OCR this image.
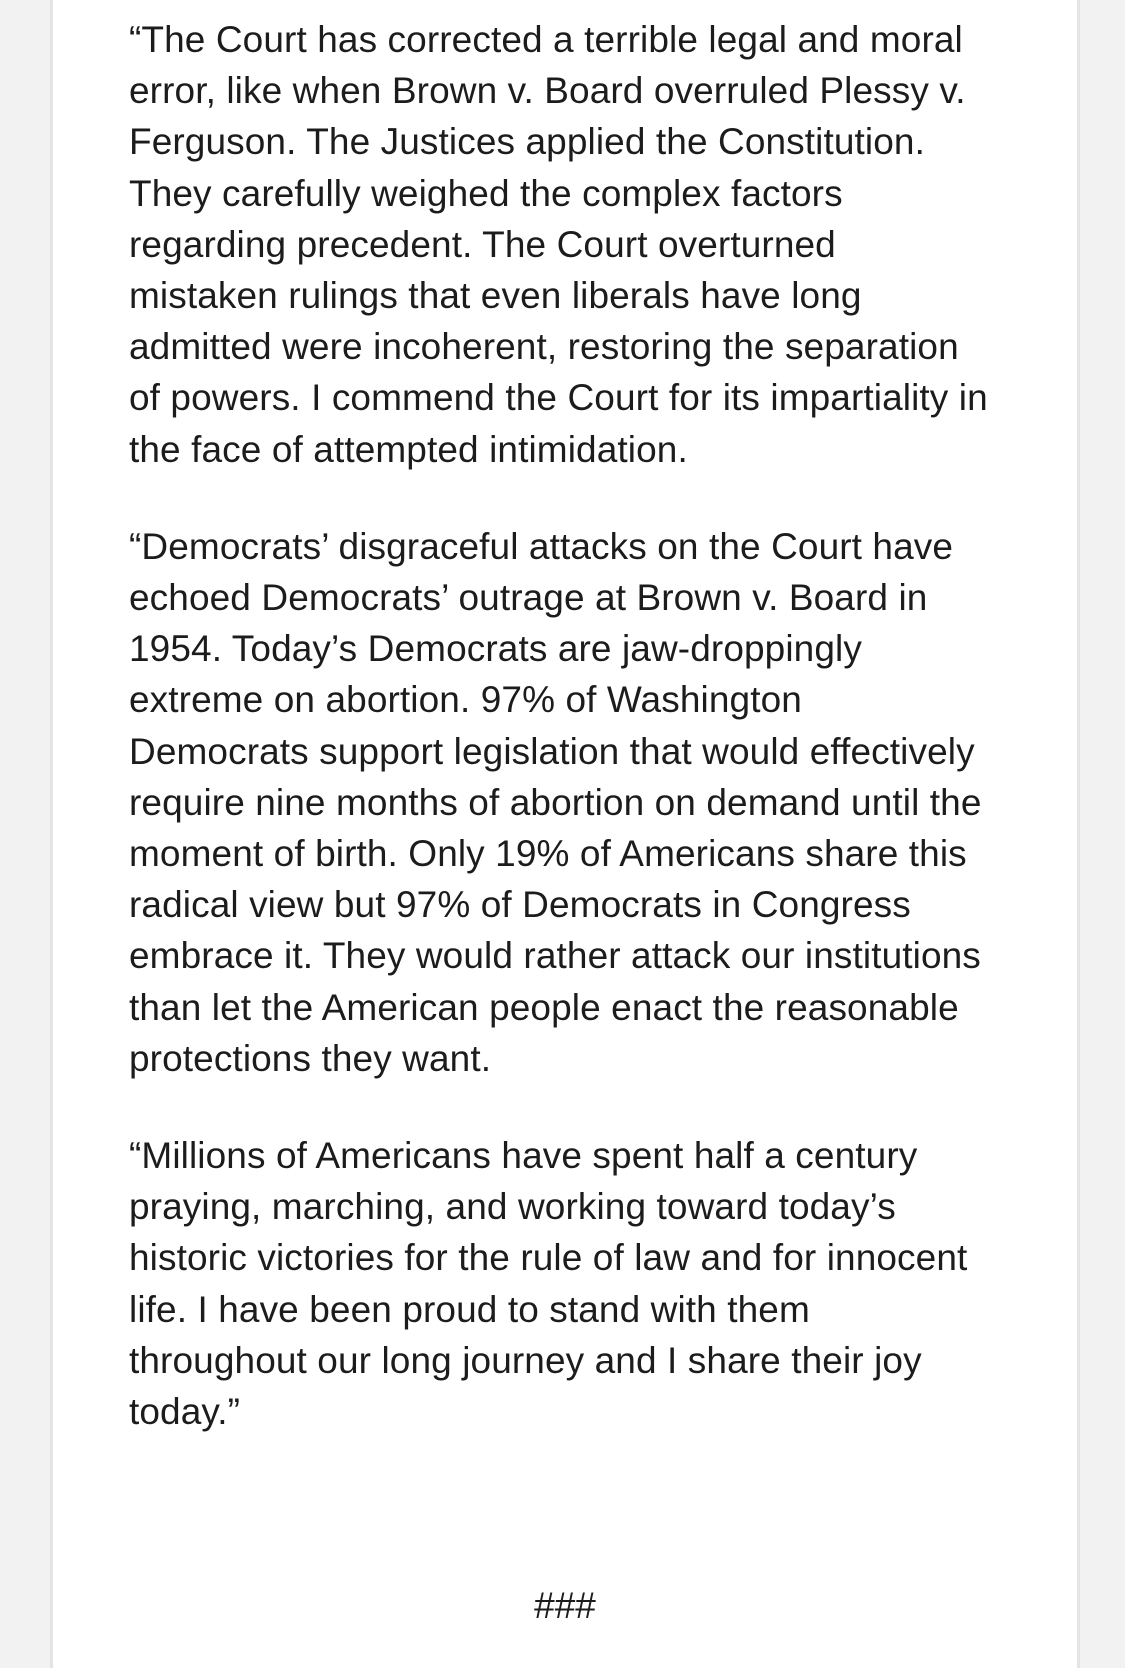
“The Court has corrected a terrible legal and moral error, like when Brown v. Board overruled Plessy v. Ferguson. The Justices applied the Constitution. They carefully weighed the complex factors regarding precedent. The Court overturned mistaken rulings that even liberals have long admitted were incoherent, restoring the separation of powers. I commend the Court for its impartiality in the face of attempted intimidation.

“Democrats’ disgraceful attacks on the Court have echoed Democrats’ outrage at Brown v. Board in 1954. Today’s Democrats are jaw-droppingly extreme on abortion. 97% of Washington Democrats support legislation that would effectively require nine months of abortion on demand until the moment of birth. Only 19% of Americans share this radical view but 97% of Democrats in Congress embrace it. They would rather attack our institutions than let the American people enact the reasonable protections they want.

“Millions of Americans have spent half a century praying, marching, and working toward today’s historic victories for the rule of law and for innocent life. I have been proud to stand with them throughout our long journey and I share their joy today.”

###
